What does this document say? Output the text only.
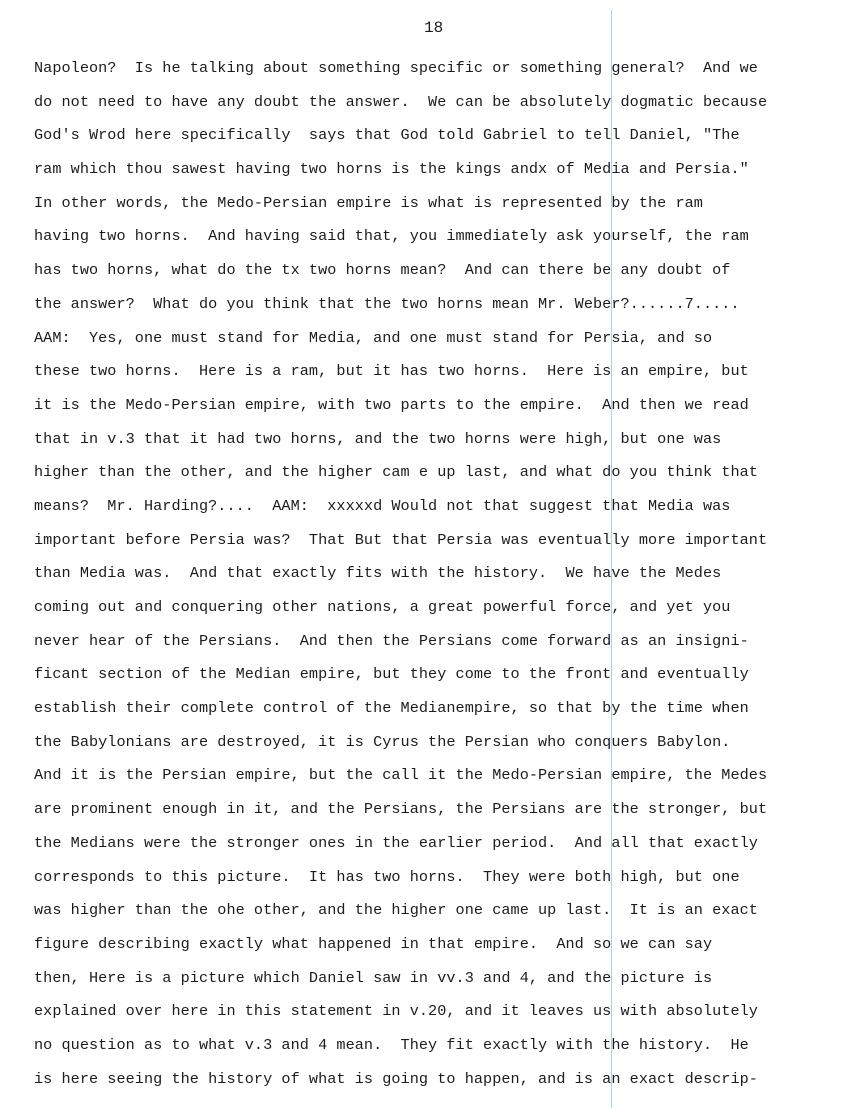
18
Napoleon?  Is he talking about something specific or something general?  And we
do not need to have any doubt the answer.  We can be absolutely dogmatic because
God's Wrod here specifically  says that God told Gabriel to tell Daniel, "The
ram which thou sawest having two horns is the kings andx of Media and Persia."
In other words, the Medo-Persian empire is what is represented by the ram
having two horns.  And having said that, you immediately ask yourself, the ram
has two horns, what do the tx two horns mean?  And can there be any doubt of
the answer?  What do you think that the two horns mean Mr. Weber?......7.....
AAM:  Yes, one must stand for Media, and one must stand for Persia, and so
these two horns.  Here is a ram, but it has two horns.  Here is an empire, but
it is the Medo-Persian empire, with two parts to the empire.  And then we read
that in v.3 that it had two horns, and the two horns were high, but one was
higher than the other, and the higher cam e up last, and what do you think that
means?  Mr. Harding?....  AAM:  xxxxxd Would not that suggest that Media was
important before Persia was?  That But that Persia was eventually more important
than Media was.  And that exactly fits with the history.  We have the Medes
coming out and conquering other nations, a great powerful force, and yet you
never hear of the Persians.  And then the Persians come forward as an insigni-
ficant section of the Median empire, but they come to the front and eventually
establish their complete control of the Medianempire, so that by the time when
the Babylonians are destroyed, it is Cyrus the Persian who conquers Babylon.
And it is the Persian empire, but the call it the Medo-Persian empire, the Medes
are prominent enough in it, and the Persians, the Persians are the stronger, but
the Medians were the stronger ones in the earlier period.  And all that exactly
corresponds to this picture.  It has two horns.  They were both high, but one
was higher than the ohe other, and the higher one came up last.  It is an exact
figure describing exactly what happened in that empire.  And so we can say
then, Here is a picture which Daniel saw in vv.3 and 4, and the picture is
explained over here in this statement in v.20, and it leaves us with absolutely
no question as to what v.3 and 4 mean.  They fit exactly with the history.  He
is here seeing the history of what is going to happen, and is an exact descrip-
